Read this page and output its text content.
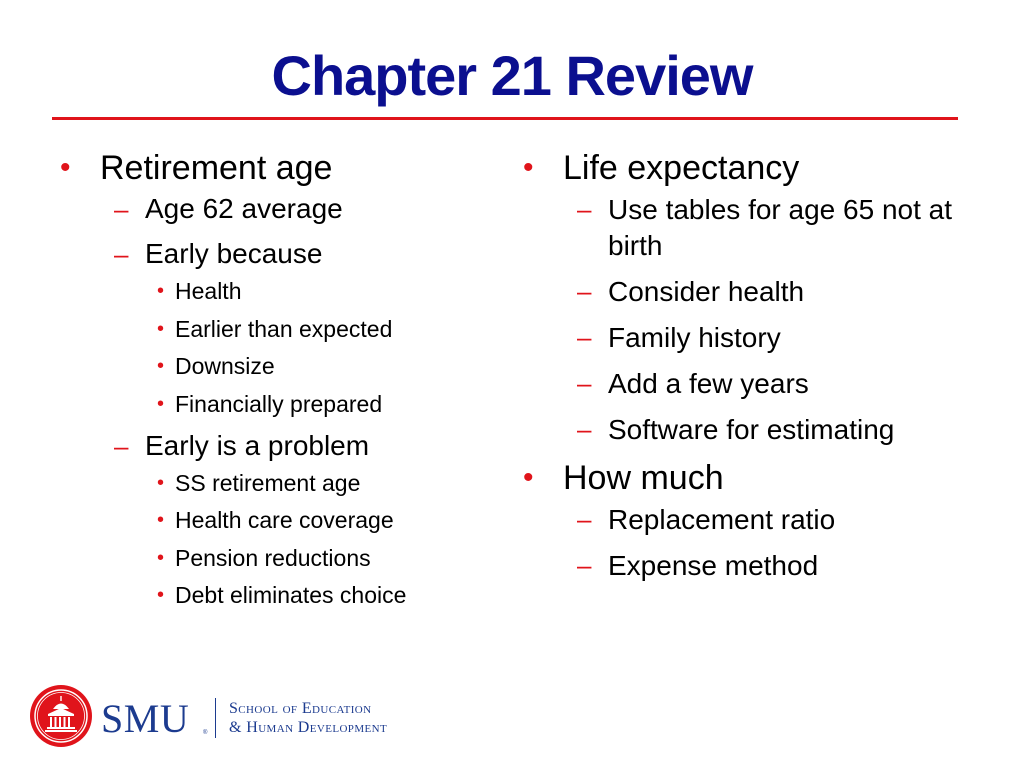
Chapter 21 Review
• Retirement age
– Age 62 average
– Early because
• Health
• Earlier than expected
• Downsize
• Financially prepared
– Early is a problem
• SS retirement age
• Health care coverage
• Pension reductions
• Debt eliminates choice
• Life expectancy
– Use tables for age 65 not at birth
– Consider health
– Family history
– Add a few years
– Software for estimating
• How much
– Replacement ratio
– Expense method
SMU ®
School of Education
& Human Development
